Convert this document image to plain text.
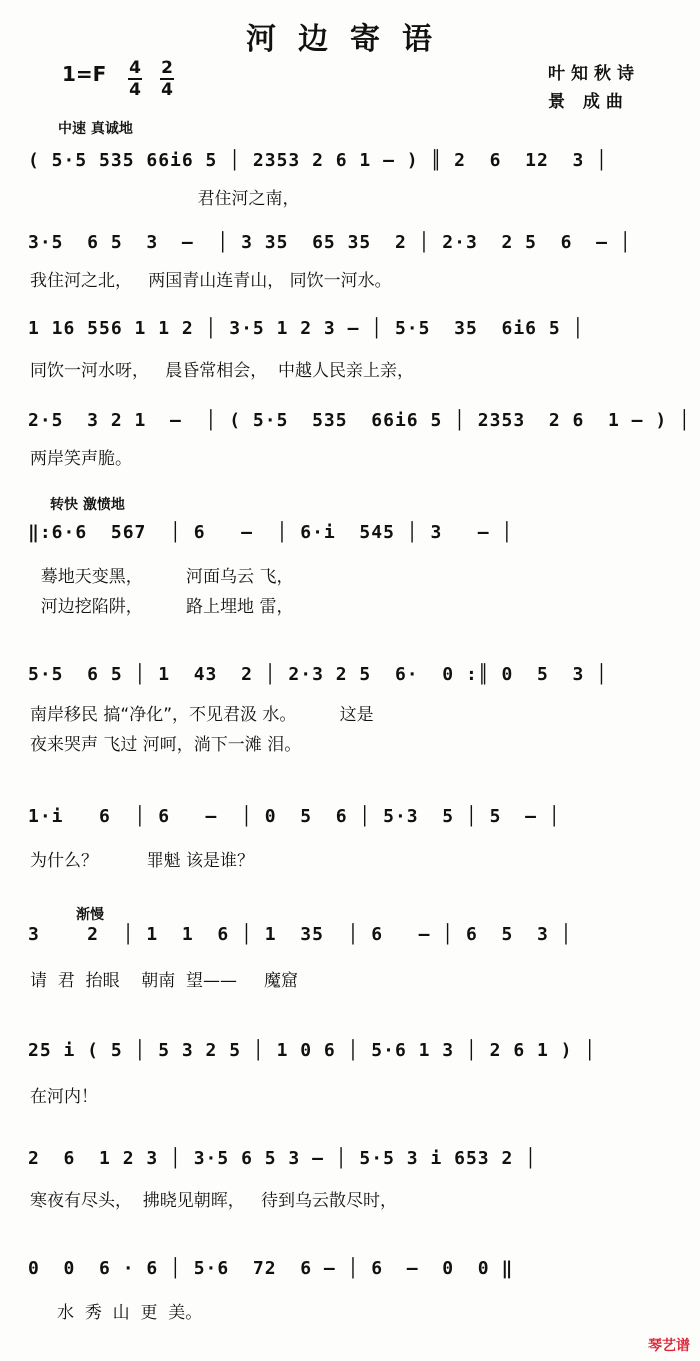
河边寄语
1=F 4
4
2
4
叶知秋诗
景 成曲
中速 真诚地
转快 激愤地
渐慢
( 5·5 535 66i6 5 │ 2353 2 6 1 — ) ║ 2  6  12  3 │
君住河之南，
3·5  6 5  3  —  │ 3 35  65 35  2 │ 2·3  2 5  6  — │
我住河之北，   两国青山连青山， 同饮一河水。
1 16 556 1 1 2 │ 3·5 1 2 3 — │ 5·5  35  6i6 5 │
同饮一河水呀，   晨昏常相会，  中越人民亲上亲，
2·5  3 2 1  —  │ ( 5·5  535  66i6 5 │ 2353  2 6  1 — ) │
两岸笑声脆。
‖:6·6  567  │ 6   —  │ 6·i  545 │ 3   — │
蓦地天变黑，        河面乌云 飞，
河边挖陷阱，        路上埋地 雷，
5·5  6 5 │ 1  43  2 │ 2·3 2 5  6·  0 :║ 0  5  3 │
南岸移民 搞“净化”，不见君汲 水。        这是
夜来哭声 飞过 河呵，淌下一滩 泪。
1·i   6  │ 6   —  │ 0  5  6 │ 5·3  5 │ 5  — │
为什么？         罪魁 该是谁？
3    2  │ 1  1  6 │ 1  35  │ 6   — │ 6  5  3 │
请  君  抬眼    朝南  望——     魔窟
25 i ( 5 │ 5 3 2 5 │ 1 0 6 │ 5·6 1 3 │ 2 6 1 ) │
在河内！
2  6  1 2 3 │ 3·5 6 5 3 — │ 5·5 3 i 653 2 │
寒夜有尽头，  拂晓见朝晖，   待到乌云散尽时，
0  0  6 · 6 │ 5·6  72  6 — │ 6  —  0  0 ‖
水  秀  山  更  美。
琴艺谱
